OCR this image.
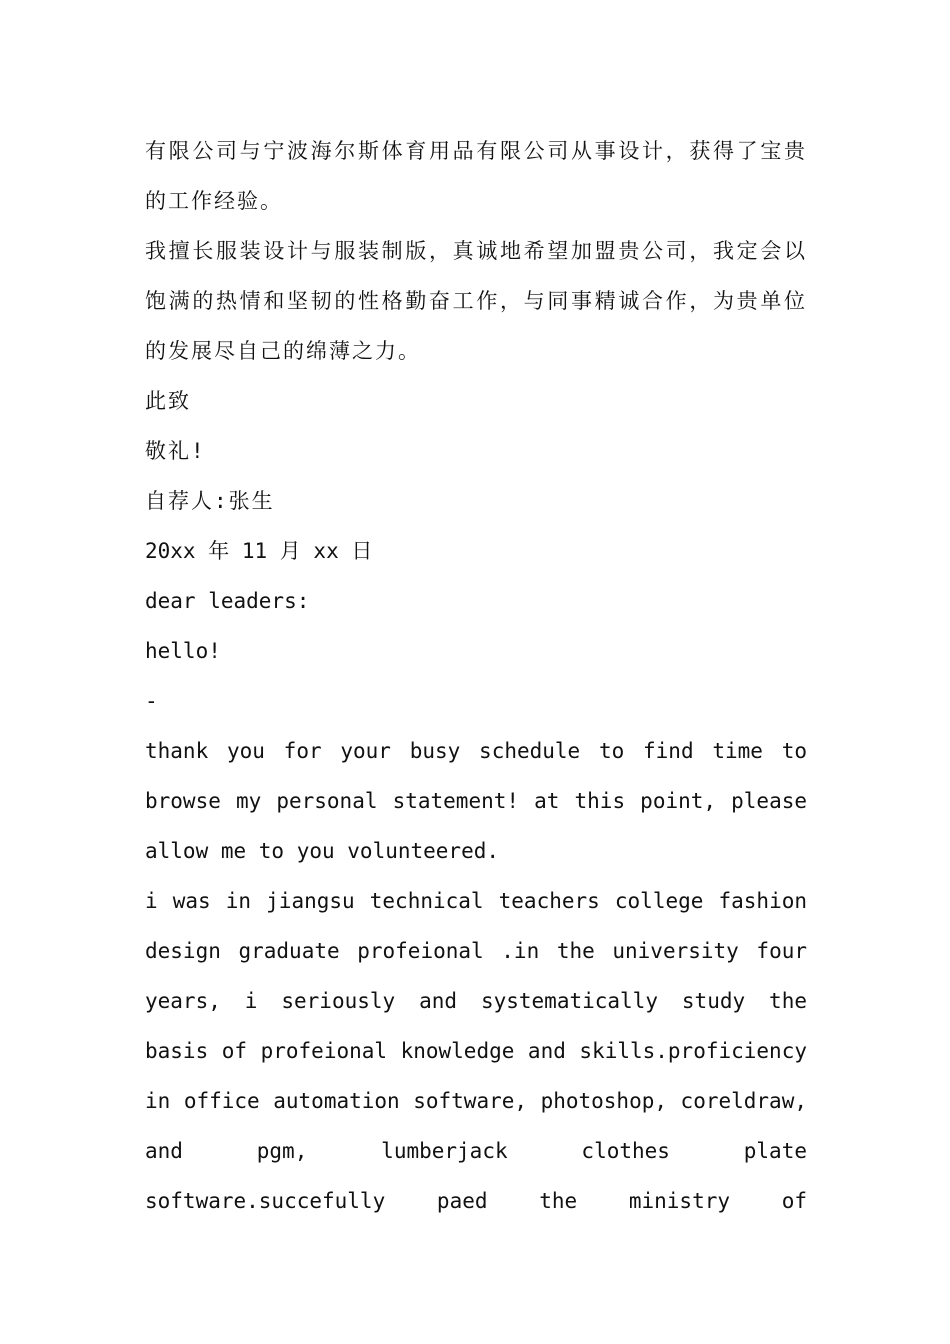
有限公司与宁波海尔斯体育用品有限公司从事设计，获得了宝贵的工作经验。

我擅长服装设计与服装制版，真诚地希望加盟贵公司，我定会以饱满的热情和坚韧的性格勤奋工作，与同事精诚合作，为贵单位的发展尽自己的绵薄之力。

此致

敬礼!

自荐人:张生

20xx 年 11 月 xx 日

dear leaders:

hello!

-

thank you for your busy schedule to find time to browse my personal statement! at this point, please allow me to you volunteered.

i was in jiangsu technical teachers college fashion design graduate profeional .in the university four years, i seriously and systematically study the basis of profeional knowledge and skills.proficiency in office automation software, photoshop, coreldraw, and pgm, lumberjack clothes plate software.succefully paed the ministry of
